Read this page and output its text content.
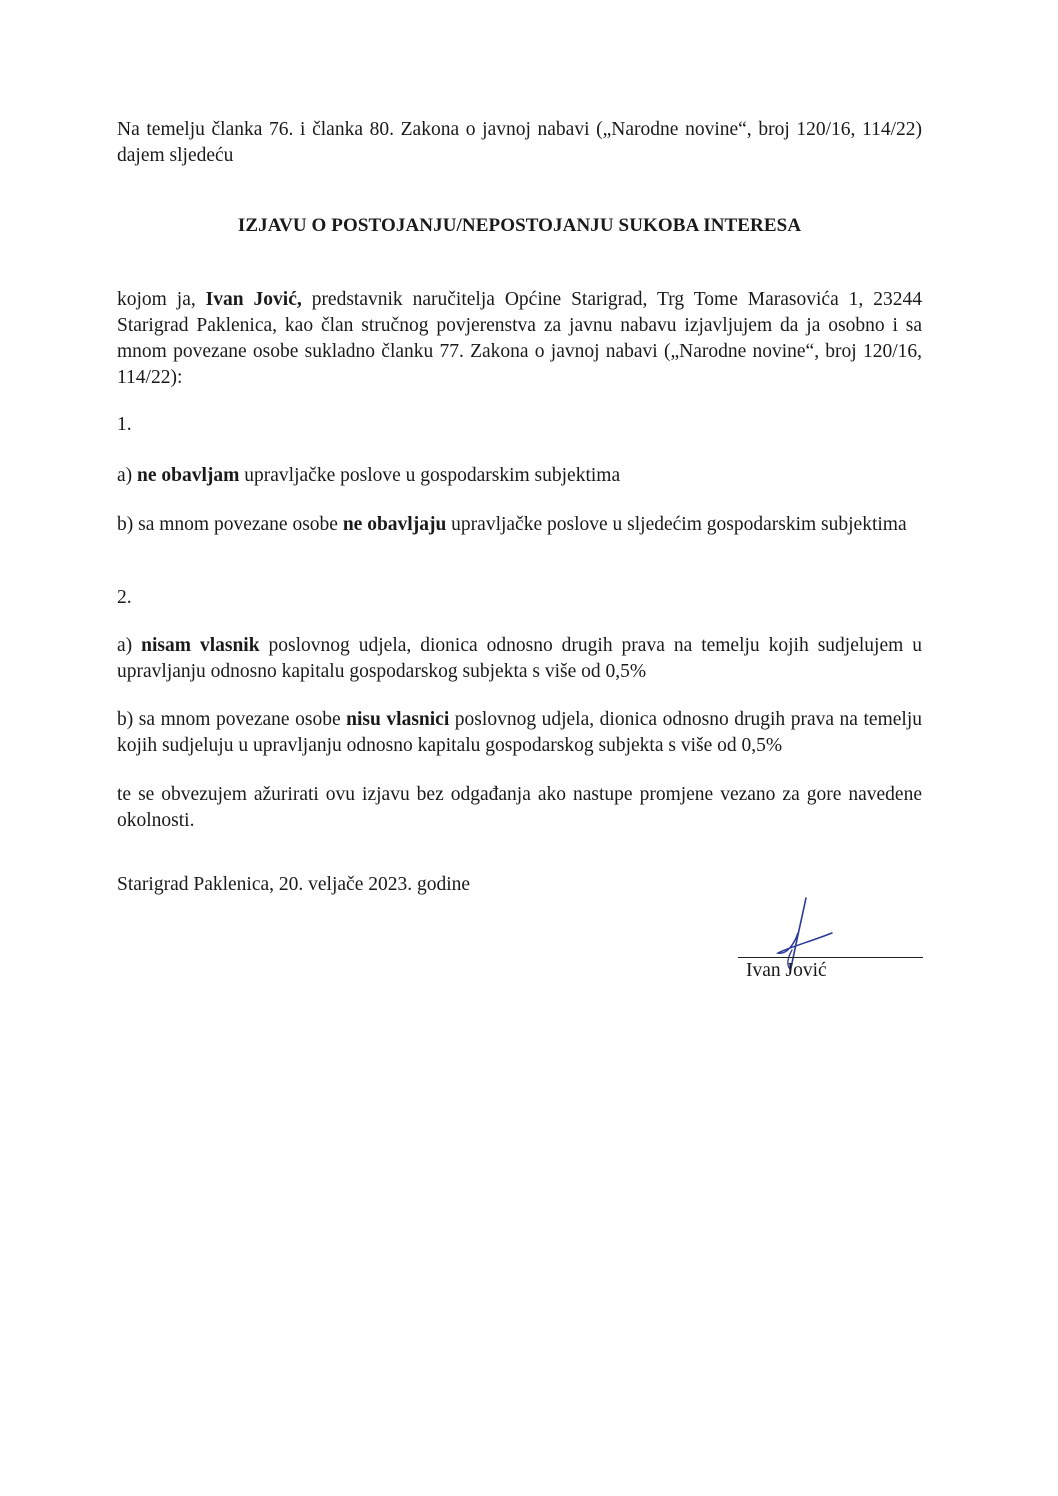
Na temelju članka 76. i članka 80. Zakona o javnoj nabavi („Narodne novine“, broj 120/16, 114/22) dajem sljedeću

IZJAVU O POSTOJANJU/NEPOSTOJANJU SUKOBA INTERESA

kojom ja, Ivan Jović, predstavnik naručitelja Općine Starigrad, Trg Tome Marasovića 1, 23244 Starigrad Paklenica, kao član stručnog povjerenstva za javnu nabavu izjavljujem da ja osobno i sa mnom povezane osobe sukladno članku 77. Zakona o javnoj nabavi („Narodne novine“, broj 120/16, 114/22):

1.

a) ne obavljam upravljačke poslove u gospodarskim subjektima

b) sa mnom povezane osobe ne obavljaju upravljačke poslove u sljedećim gospodarskim subjektima

2.

a) nisam vlasnik poslovnog udjela, dionica odnosno drugih prava na temelju kojih sudjelujem u upravljanju odnosno kapitalu gospodarskog subjekta s više od 0,5%

b) sa mnom povezane osobe nisu vlasnici poslovnog udjela, dionica odnosno drugih prava na temelju kojih sudjeluju u upravljanju odnosno kapitalu gospodarskog subjekta s više od 0,5%

te se obvezujem ažurirati ovu izjavu bez odgađanja ako nastupe promjene vezano za gore navedene okolnosti.

Starigrad Paklenica, 20. veljače 2023. godine

Ivan Jović
